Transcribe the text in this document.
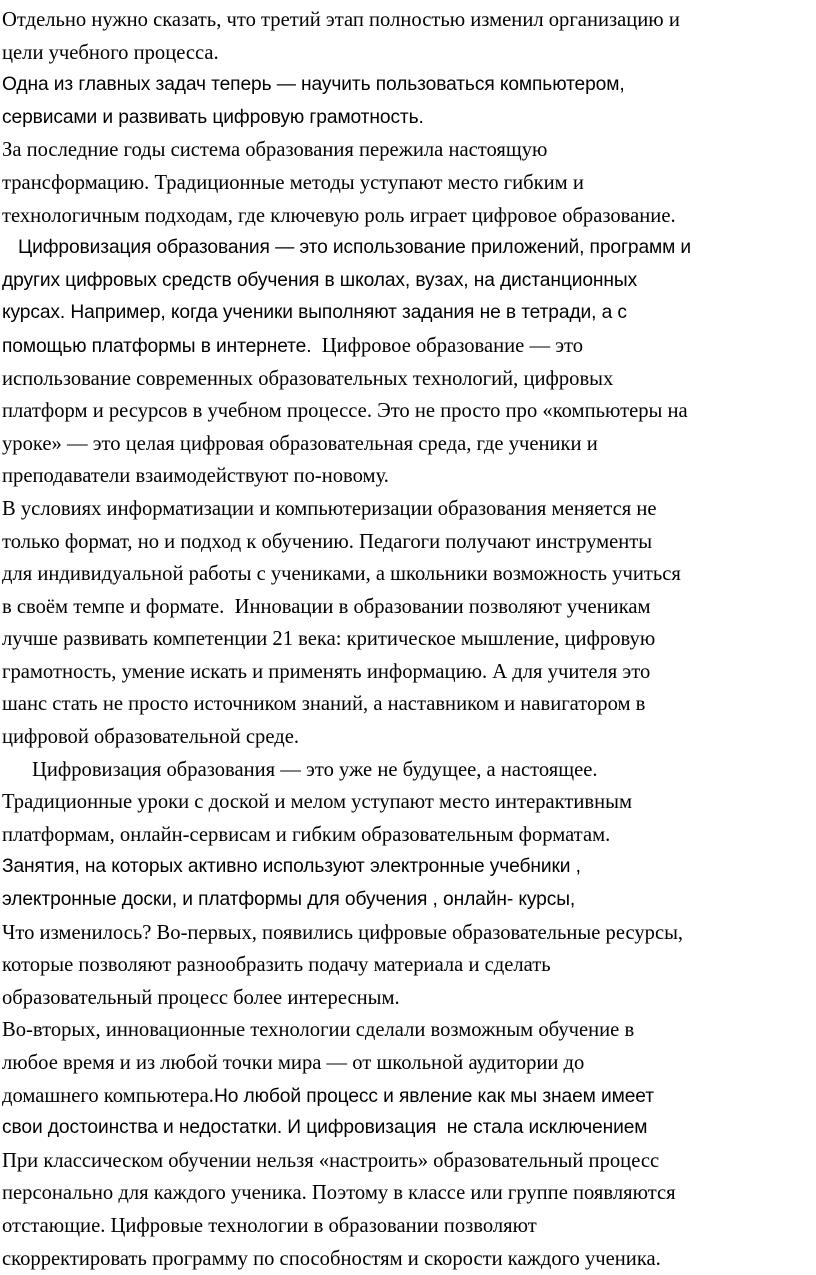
Отдельно нужно сказать, что третий этап полностью изменил организацию и
цели учебного процесса.
Одна из главных задач теперь — научить пользоваться компьютером,
сервисами и развивать цифровую грамотность.
За последние годы система образования пережила настоящую
трансформацию. Традиционные методы уступают место гибким и
технологичным подходам, где ключевую роль играет цифровое образование.
Цифровизация образования — это использование приложений, программ и
других цифровых средств обучения в школах, вузах, на дистанционных
курсах. Например, когда ученики выполняют задания не в тетради, а с
помощью платформы в интернете.  Цифровое образование — это
использование современных образовательных технологий, цифровых
платформ и ресурсов в учебном процессе. Это не просто про «компьютеры на
уроке» — это целая цифровая образовательная среда, где ученики и
преподаватели взаимодействуют по-новому.
В условиях информатизации и компьютеризации образования меняется не
только формат, но и подход к обучению. Педагоги получают инструменты
для индивидуальной работы с учениками, а школьники возможность учиться
в своём темпе и формате.  Инновации в образовании позволяют ученикам
лучше развивать компетенции 21 века: критическое мышление, цифровую
грамотность, умение искать и применять информацию. А для учителя это
шанс стать не просто источником знаний, а наставником и навигатором в
цифровой образовательной среде.
Цифровизация образования — это уже не будущее, а настоящее.
Традиционные уроки с доской и мелом уступают место интерактивным
платформам, онлайн-сервисам и гибким образовательным форматам.
Занятия, на которых активно используют электронные учебники ,
электронные доски, и платформы для обучения , онлайн- курсы,
Что изменилось? Во-первых, появились цифровые образовательные ресурсы,
которые позволяют разнообразить подачу материала и сделать
образовательный процесс более интересным.
Во-вторых, инновационные технологии сделали возможным обучение в
любое время и из любой точки мира — от школьной аудитории до
домашнего компьютера.Но любой процесс и явление как мы знаем имеет
свои достоинства и недостатки. И цифровизация  не стала исключением
При классическом обучении нельзя «настроить» образовательный процесс
персонально для каждого ученика. Поэтому в классе или группе появляются
отстающие. Цифровые технологии в образовании позволяют
скорректировать программу по способностям и скорости каждого ученика.
